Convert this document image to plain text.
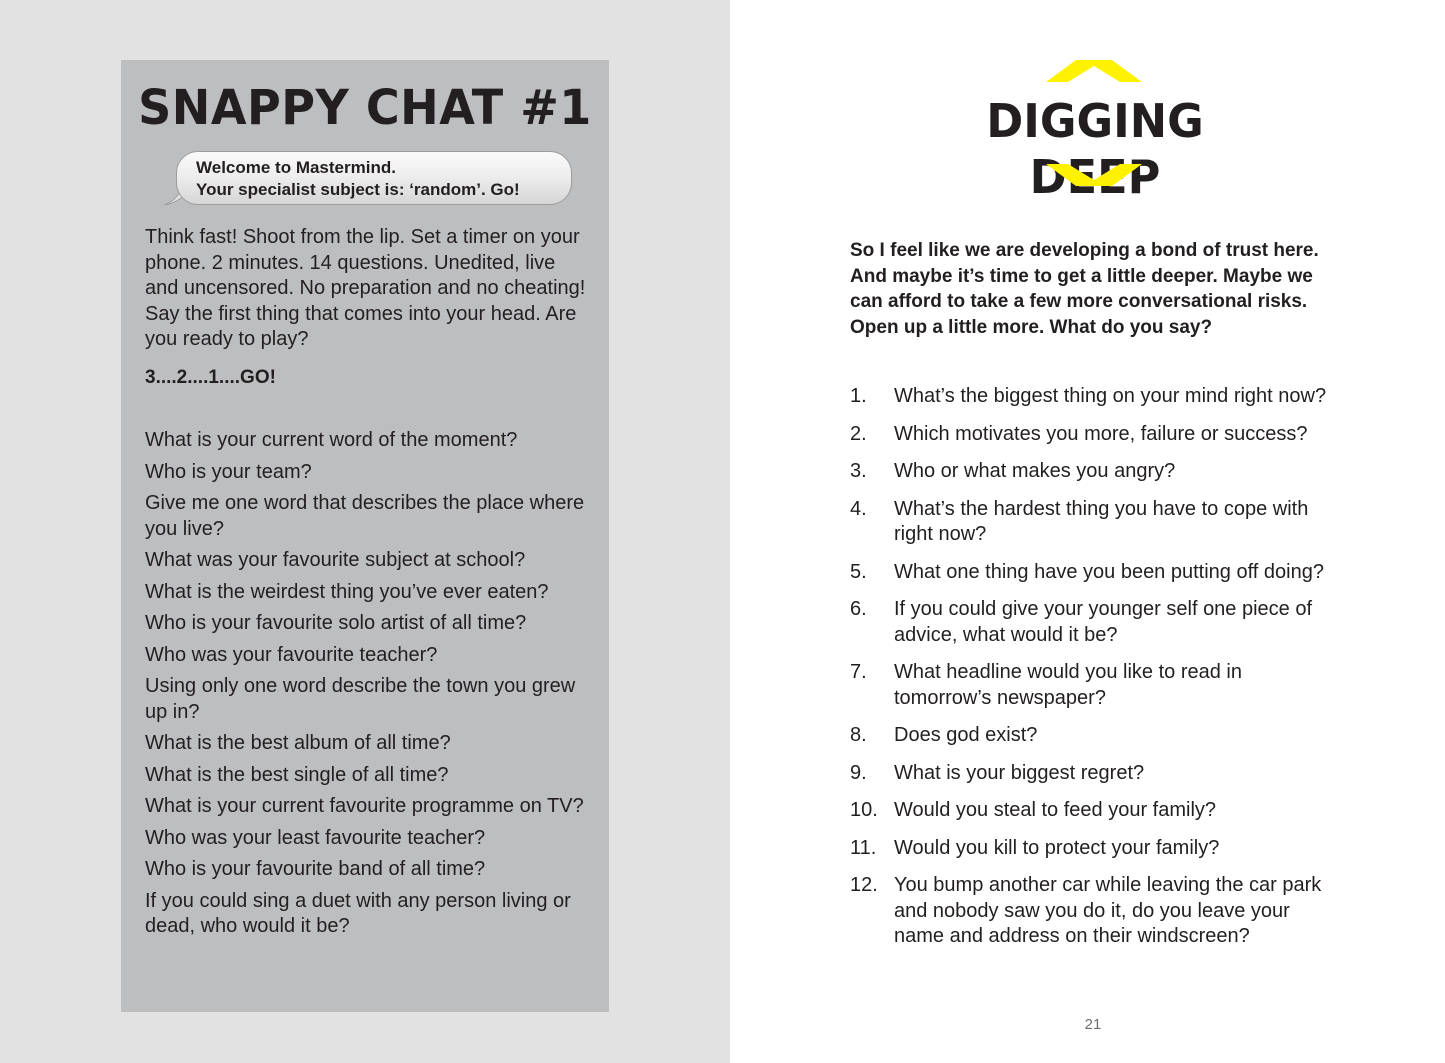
SNAPPY CHAT #1
Welcome to Mastermind.
Your specialist subject is: ‘random’. Go!

Think fast! Shoot from the lip. Set a timer on your phone. 2 minutes. 14 questions. Unedited, live and uncensored. No preparation and no cheating! Say the first thing that comes into your head. Are you ready to play?

3....2....1....GO!

What is your current word of the moment?
Who is your team?
Give me one word that describes the place where you live?
What was your favourite subject at school?
What is the weirdest thing you’ve ever eaten?
Who is your favourite solo artist of all time?
Who was your favourite teacher?
Using only one word describe the town you grew up in?
What is the best album of all time?
What is the best single of all time?
What is your current favourite programme on TV?
Who was your least favourite teacher?
Who is your favourite band of all time?
If you could sing a duet with any person living or dead, who would it be?
DIGGING DEEP

So I feel like we are developing a bond of trust here. And maybe it’s time to get a little deeper. Maybe we can afford to take a few more conversational risks. Open up a little more. What do you say?

1. What’s the biggest thing on your mind right now?
2. Which motivates you more, failure or success?
3. Who or what makes you angry?
4. What’s the hardest thing you have to cope with right now?
5. What one thing have you been putting off doing?
6. If you could give your younger self one piece of advice, what would it be?
7. What headline would you like to read in tomorrow’s newspaper?
8. Does god exist?
9. What is your biggest regret?
10. Would you steal to feed your family?
11. Would you kill to protect your family?
12. You bump another car while leaving the car park and nobody saw you do it, do you leave your name and address on their windscreen?
21
